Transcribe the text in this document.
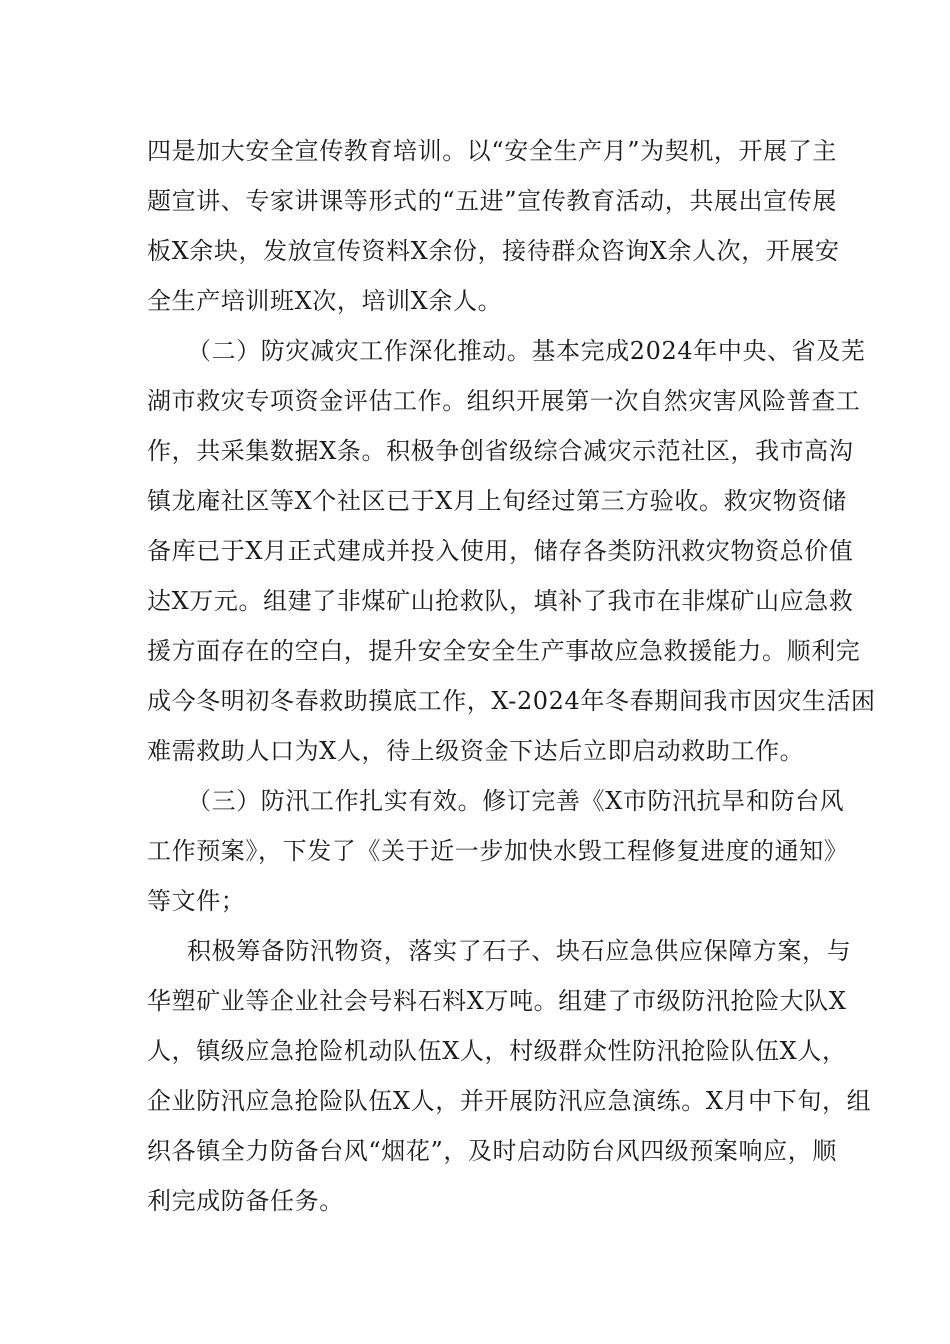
四是加大安全宣传教育培训。以“安全生产月”为契机，开展了主
题宣讲、专家讲课等形式的“五进”宣传教育活动，共展出宣传展
板X余块，发放宣传资料X余份，接待群众咨询X余人次，开展安
全生产培训班X次，培训X余人。
（二）防灾减灾工作深化推动。基本完成2024年中央、省及芜
湖市救灾专项资金评估工作。组织开展第一次自然灾害风险普查工
作，共采集数据X条。积极争创省级综合减灾示范社区，我市高沟
镇龙庵社区等X个社区已于X月上旬经过第三方验收。救灾物资储
备库已于X月正式建成并投入使用，储存各类防汛救灾物资总价值
达X万元。组建了非煤矿山抢救队，填补了我市在非煤矿山应急救
援方面存在的空白，提升安全安全生产事故应急救援能力。顺利完
成今冬明初冬春救助摸底工作，X-2024年冬春期间我市因灾生活困
难需救助人口为X人，待上级资金下达后立即启动救助工作。
（三）防汛工作扎实有效。修订完善《X市防汛抗旱和防台风
工作预案》，下发了《关于近一步加快水毁工程修复进度的通知》
等文件；
积极筹备防汛物资，落实了石子、块石应急供应保障方案，与
华塑矿业等企业社会号料石料X万吨。组建了市级防汛抢险大队X
人，镇级应急抢险机动队伍X人，村级群众性防汛抢险队伍X人，
企业防汛应急抢险队伍X人，并开展防汛应急演练。X月中下旬，组
织各镇全力防备台风“烟花”，及时启动防台风四级预案响应，顺
利完成防备任务。
